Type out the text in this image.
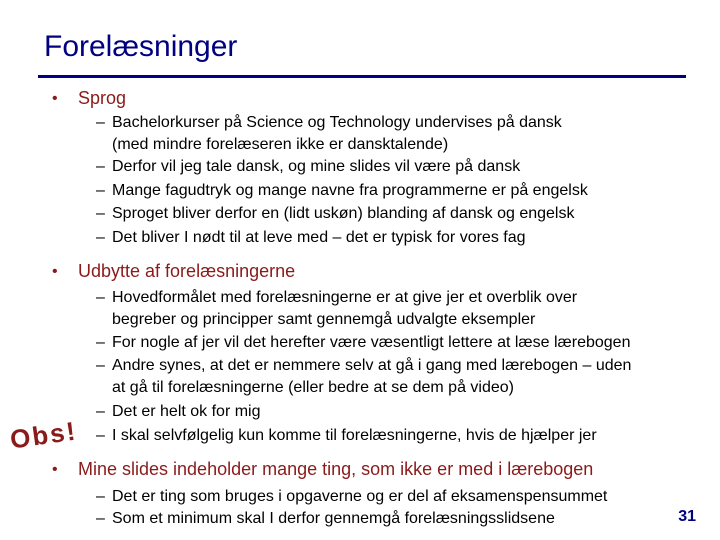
Forelæsninger
• Sprog
– Bachelorkurser på Science og Technology undervises på dansk
(med mindre forelæseren ikke er dansktalende)
– Derfor vil jeg tale dansk, og mine slides vil være på dansk
– Mange fagudtryk og mange navne fra programmerne er på engelsk
– Sproget bliver derfor en (lidt uskøn) blanding af dansk og engelsk
– Det bliver I nødt til at leve med – det er typisk for vores fag
• Udbytte af forelæsningerne
– Hovedformålet med forelæsningerne er at give jer et overblik over
begreber og principper samt gennemgå udvalgte eksempler
– For nogle af jer vil det herefter være væsentligt lettere at læse lærebogen
– Andre synes, at det er nemmere selv at gå i gang med lærebogen – uden
at gå til forelæsningerne (eller bedre at se dem på video)
– Det er helt ok for mig
– I skal selvfølgelig kun komme til forelæsningerne, hvis de hjælper jer
Obs!
• Mine slides indeholder mange ting, som ikke er med i lærebogen
– Det er ting som bruges i opgaverne og er del af eksamenspensummet
– Som et minimum skal I derfor gennemgå forelæsningsslidsene	31
